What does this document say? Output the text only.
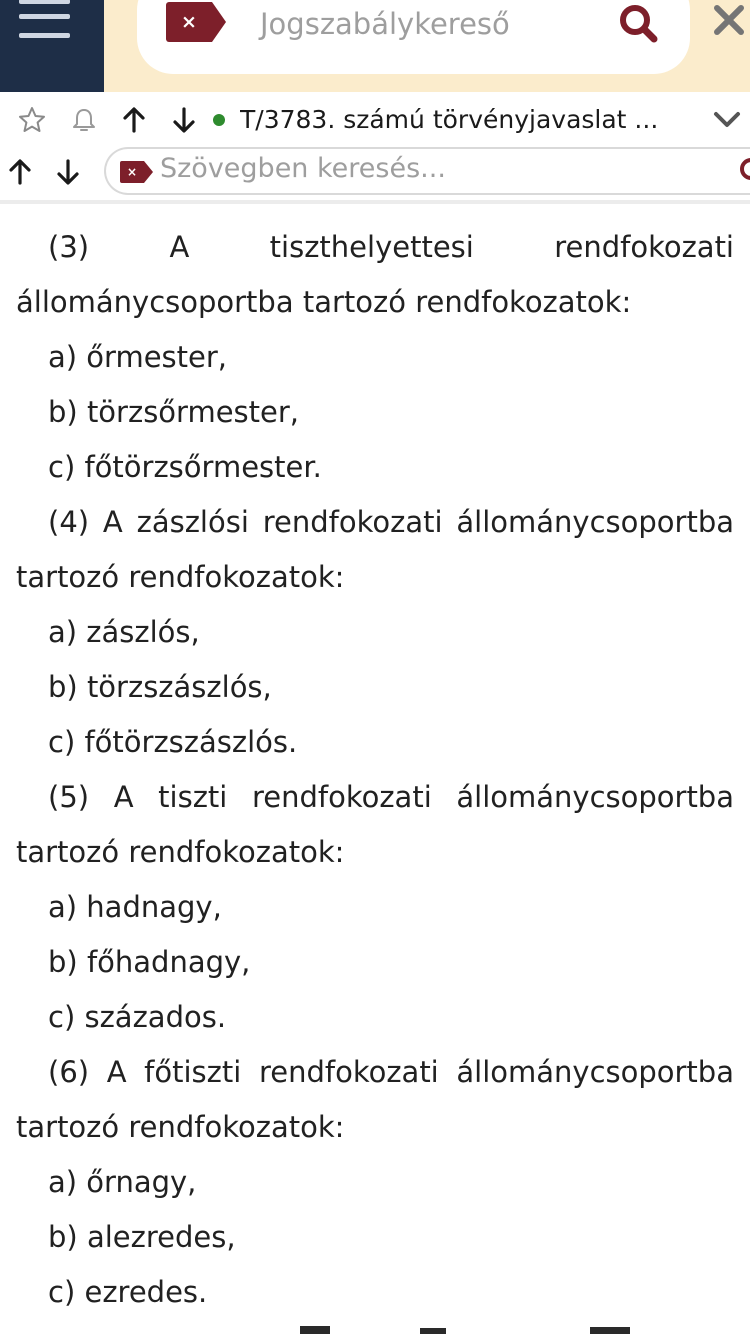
×	Jogszabálykereső
T/3783. számú törvényjavaslat ...
× Szövegben keresés...

(3) A tiszthelyettesi rendfokozati állománycsoportba tartozó rendfokozatok:

a) őrmester,

b) törzsőrmester,

c) főtörzsőrmester.

(4) A zászlósi rendfokozati állománycsoportba tartozó rendfokozatok:

a) zászlós,

b) törzszászlós,

c) főtörzszászlós.

(5) A tiszti rendfokozati állománycsoportba tartozó rendfokozatok:

a) hadnagy,

b) főhadnagy,

c) százados.

(6) A főtiszti rendfokozati állománycsoportba tartozó rendfokozatok:

a) őrnagy,

b) alezredes,

c) ezredes.
